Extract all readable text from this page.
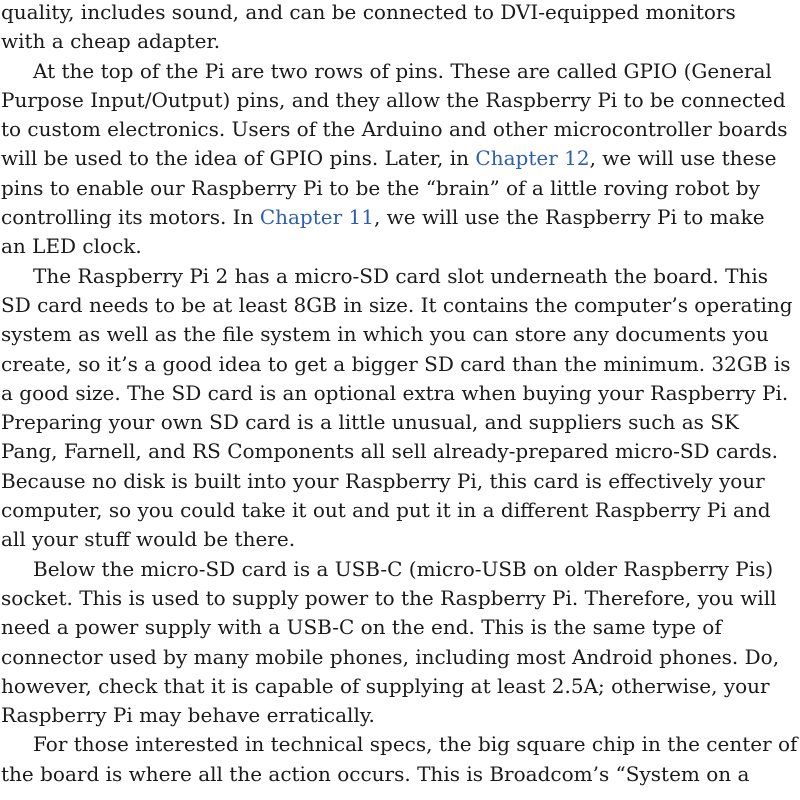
quality, includes sound, and can be connected to DVI-equipped monitors
with a cheap adapter.
At the top of the Pi are two rows of pins. These are called GPIO (General
Purpose Input/Output) pins, and they allow the Raspberry Pi to be connected
to custom electronics. Users of the Arduino and other microcontroller boards
will be used to the idea of GPIO pins. Later, in Chapter 12, we will use these
pins to enable our Raspberry Pi to be the “brain” of a little roving robot by
controlling its motors. In Chapter 11, we will use the Raspberry Pi to make
an LED clock.
The Raspberry Pi 2 has a micro-SD card slot underneath the board. This
SD card needs to be at least 8GB in size. It contains the computer’s operating
system as well as the file system in which you can store any documents you
create, so it’s a good idea to get a bigger SD card than the minimum. 32GB is
a good size. The SD card is an optional extra when buying your Raspberry Pi.
Preparing your own SD card is a little unusual, and suppliers such as SK
Pang, Farnell, and RS Components all sell already-prepared micro-SD cards.
Because no disk is built into your Raspberry Pi, this card is effectively your
computer, so you could take it out and put it in a different Raspberry Pi and
all your stuff would be there.
Below the micro-SD card is a USB-C (micro-USB on older Raspberry Pis)
socket. This is used to supply power to the Raspberry Pi. Therefore, you will
need a power supply with a USB-C on the end. This is the same type of
connector used by many mobile phones, including most Android phones. Do,
however, check that it is capable of supplying at least 2.5A; otherwise, your
Raspberry Pi may behave erratically.
For those interested in technical specs, the big square chip in the center of
the board is where all the action occurs. This is Broadcom’s “System on a
